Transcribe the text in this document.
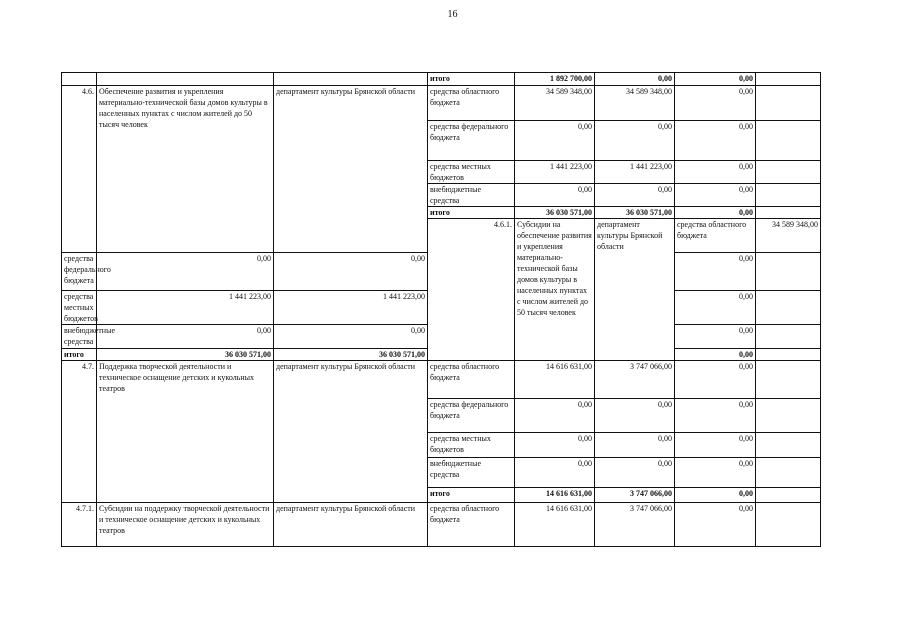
16
			итого	1 892 700,00	0,00	0,00		
4.6.	Обеспечение развития и укрепления материально-технической базы домов культуры в населенных пунктах с числом жителей до 50 тысяч человек	департамент культуры Брянской области	средства областного бюджета	34 589 348,00	34 589 348,00	0,00		
			средства федерального бюджета	0,00	0,00	0,00		
			средства местных бюджетов	1 441 223,00	1 441 223,00	0,00		
			внебюджетные средства	0,00	0,00	0,00		
			итого	36 030 571,00	36 030 571,00	0,00		
			4.6.1.	Субсидии на обеспечение развития и укрепления материально-технической базы домов культуры в населенных пунктах с числом жителей до 50 тысяч человек	департамент культуры Брянской области	средства областного бюджета	34 589 348,00			
средства федерального бюджета	0,00	0,00				0,00		
средства местных бюджетов	1 441 223,00	1 441 223,00				0,00		
внебюджетные средства	0,00	0,00				0,00		
итого	36 030 571,00	36 030 571,00				0,00		
4.7.	Поддержка творческой деятельности и техническое оснащение детских и кукольных театров	департамент культуры Брянской области	средства областного бюджета	14 616 631,00	3 747 066,00	0,00		
			средства федерального бюджета	0,00	0,00	0,00		
			средства местных бюджетов	0,00	0,00	0,00		
			внебюджетные средства	0,00	0,00	0,00		
			итого	14 616 631,00	3 747 066,00	0,00		
4.7.1.	Субсидии на поддержку творческой деятельности и техническое оснащение детских и кукольных театров	департамент культуры Брянской области	средства областного бюджета	14 616 631,00	3 747 066,00	0,00		
